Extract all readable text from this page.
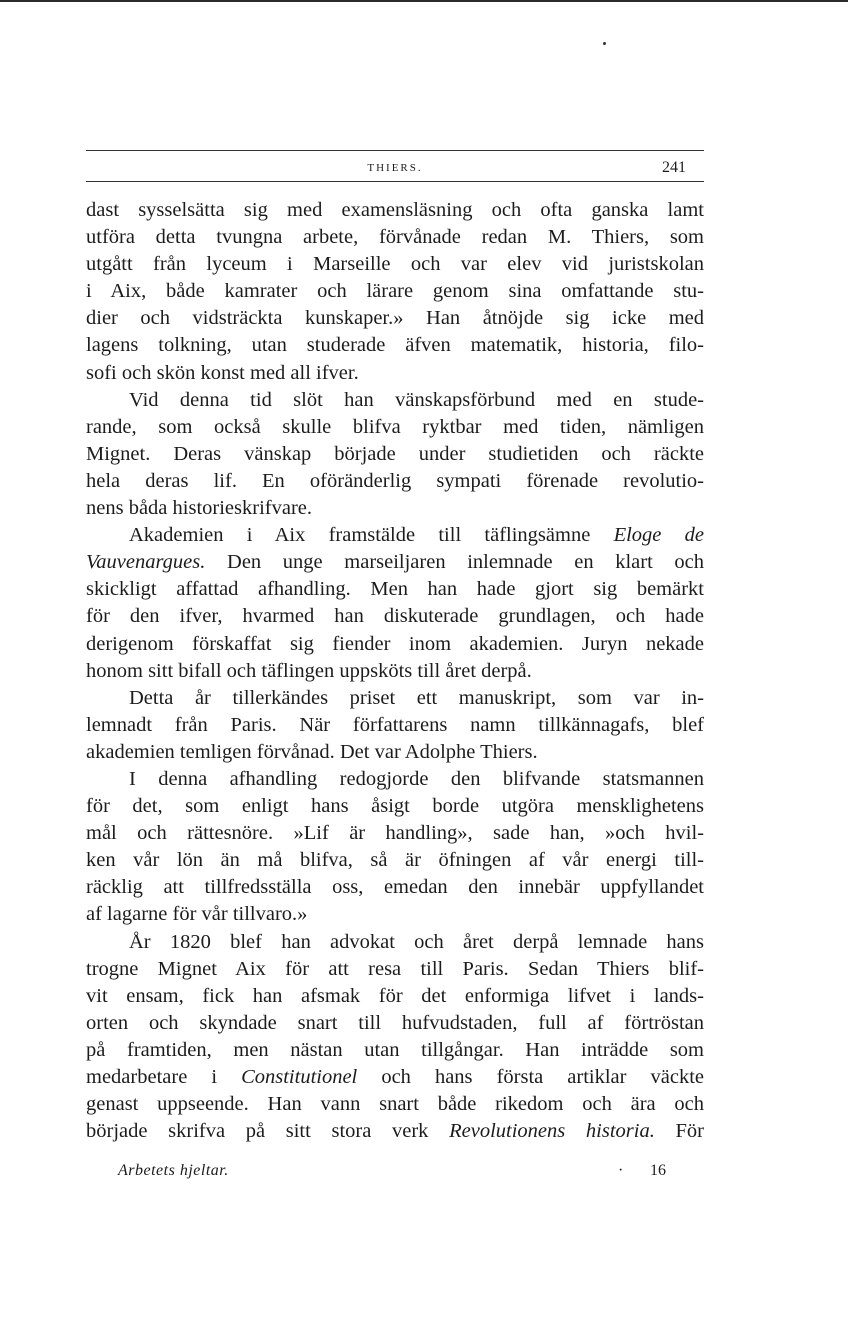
THIERS.	241

dast sysselsätta sig med examensläsning och ofta ganska lamt

utföra detta tvungna arbete, förvånade redan M. Thiers, som

utgått från lyceum i Marseille och var elev vid juristskolan

i Aix, både kamrater och lärare genom sina omfattande stu-

dier och vidsträckta kunskaper.» Han åtnöjde sig icke med

lagens tolkning, utan studerade äfven matematik, historia, filo-

sofi och skön konst med all ifver.

Vid denna tid slöt han vänskapsförbund med en stude-

rande, som också skulle blifva ryktbar med tiden, nämligen

Mignet. Deras vänskap började under studietiden och räckte

hela deras lif. En oföränderlig sympati förenade revolutio-

nens båda historieskrifvare.

Akademien i Aix framstälde till täflingsämne Eloge de

Vauvenargues. Den unge marseiljaren inlemnade en klart och

skickligt affattad afhandling. Men han hade gjort sig bemärkt

för den ifver, hvarmed han diskuterade grundlagen, och hade

derigenom förskaffat sig fiender inom akademien. Juryn nekade

honom sitt bifall och täflingen uppsköts till året derpå.

Detta år tillerkändes priset ett manuskript, som var in-

lemnadt från Paris. När författarens namn tillkännagafs, blef

akademien temligen förvånad. Det var Adolphe Thiers.

I denna afhandling redogjorde den blifvande statsmannen

för det, som enligt hans åsigt borde utgöra mensklighetens

mål och rättesnöre. »Lif är handling», sade han, »och hvil-

ken vår lön än må blifva, så är öfningen af vår energi till-

räcklig att tillfredsställa oss, emedan den innebär uppfyllandet

af lagarne för vår tillvaro.»

År 1820 blef han advokat och året derpå lemnade hans

trogne Mignet Aix för att resa till Paris. Sedan Thiers blif-

vit ensam, fick han afsmak för det enformiga lifvet i lands-

orten och skyndade snart till hufvudstaden, full af förtröstan

på framtiden, men nästan utan tillgångar. Han inträdde som

medarbetare i Constitutionel och hans första artiklar väckte

genast uppseende. Han vann snart både rikedom och ära och

började skrifva på sitt stora verk Revolutionens historia. För

Arbetets hjeltar.	· 16
